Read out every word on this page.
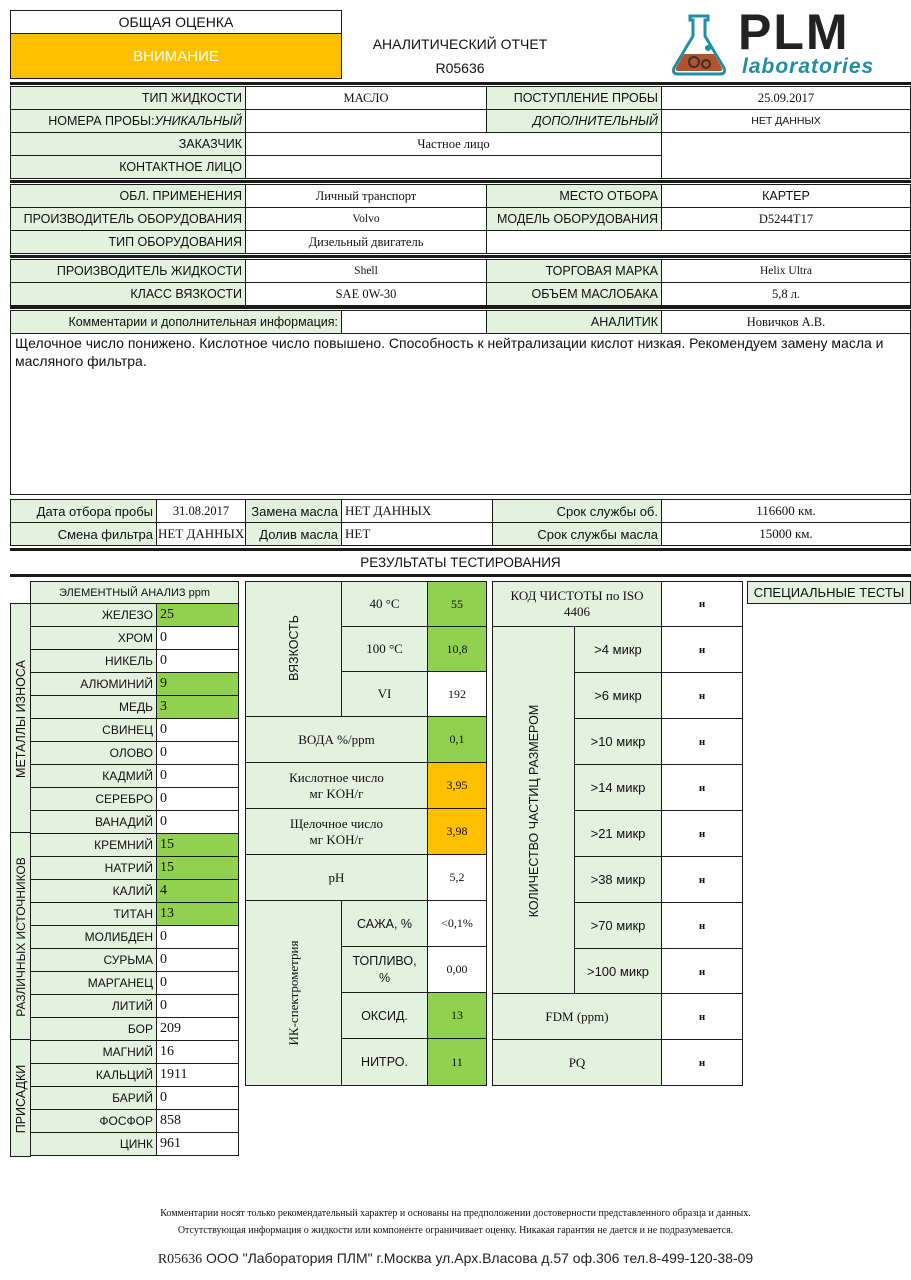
ОБЩАЯ ОЦЕНКА
ВНИМАНИЕ
АНАЛИТИЧЕСКИЙ ОТЧЕТ
R05636
PLM
laboratories
ТИП ЖИДКОСТИ	МАСЛО	ПОСТУПЛЕНИЕ ПРОБЫ	25.09.2017
НОМЕРА ПРОБЫ: УНИКАЛЬНЫЙ	ДОПОЛНИТЕЛЬНЫЙ	НЕТ ДАННЫХ
ЗАКАЗЧИК	Частное лицо
КОНТАКТНОЕ ЛИЦО
ОБЛ. ПРИМЕНЕНИЯ	Личный транспорт	МЕСТО ОТБОРА	КАРТЕР
ПРОИЗВОДИТЕЛЬ ОБОРУДОВАНИЯ	Volvo	МОДЕЛЬ ОБОРУДОВАНИЯ	D5244T17
ТИП ОБОРУДОВАНИЯ	Дизельный двигатель
ПРОИЗВОДИТЕЛЬ ЖИДКОСТИ	Shell	ТОРГОВАЯ МАРКА	Helix Ultra
КЛАСС ВЯЗКОСТИ	SAE 0W-30	ОБЪЕМ МАСЛОБАКА	5,8 л.
Комментарии и дополнительная информация:	АНАЛИТИК	Новичков А.В.
Щелочное число понижено. Кислотное число повышено. Способность к нейтрализации кислот низкая. Рекомендуем замену масла и масляного фильтра.
Дата отбора пробы	31.08.2017	Замена масла НЕТ ДАННЫХ	Срок службы об.	116600 км.
Смена фильтра НЕТ ДАННЫХ	Долив масла НЕТ	Срок службы масла	15000 км.
РЕЗУЛЬТАТЫ ТЕСТИРОВАНИЯ
ЭЛЕМЕНТНЫЙ АНАЛИЗ ppm
МЕТАЛЛЫ ИЗНОСА
РАЗЛИЧНЫХ ИСТОЧНИКОВ
ПРИСАДКИ
ЖЕЛЕЗО 25
ХРОМ 0
НИКЕЛЬ 0
АЛЮМИНИЙ 9
МЕДЬ 3
СВИНЕЦ 0
ОЛОВО 0
КАДМИЙ 0
СЕРЕБРО 0
ВАНАДИЙ 0
КРЕМНИЙ 15
НАТРИЙ 15
КАЛИЙ 4
ТИТАН 13
МОЛИБДЕН 0
СУРЬМА 0
МАРГАНЕЦ 0
ЛИТИЙ 0
БОР 209
МАГНИЙ 16
КАЛЬЦИЙ 1911
БАРИЙ 0
ФОСФОР 858
ЦИНК 961
ВЯЗКОСТЬ
40 °C	55
100 °C	10,8
VI	192
ВОДА %/ppm	0,1
Кислотное число
мг KOH/г
3,95
Щелочное число
мг KOH/г
3,98
pH	5,2
ИК-спектрометрия
САЖА, %	<0,1%
ТОПЛИВО,
%
0,00
ОКСИД.	13
НИТРО.	11
КОД ЧИСТОТЫ по ISO
4406	н
КОЛИЧЕСТВО ЧАСТИЦ РАЗМЕРОМ
>4 микр	н
>6 микр	н
>10 микр	н
>14 микр	н
>21 микр	н
>38 микр	н
>70 микр	н
>100 микр	н
FDM (ppm)	н
PQ	н
СПЕЦИАЛЬНЫЕ ТЕСТЫ
Комментарии носят только рекомендательный характер и основаны на предположении достоверности представленного образца и данных.
Отсутствующая информация о жидкости или компоненте ограничивает оценку. Никакая гарантия не дается и не подразумевается.
R05636 ООО "Лаборатория ПЛМ" г.Москва ул.Арх.Власова д.57 оф.306 тел.8-499-120-38-09
